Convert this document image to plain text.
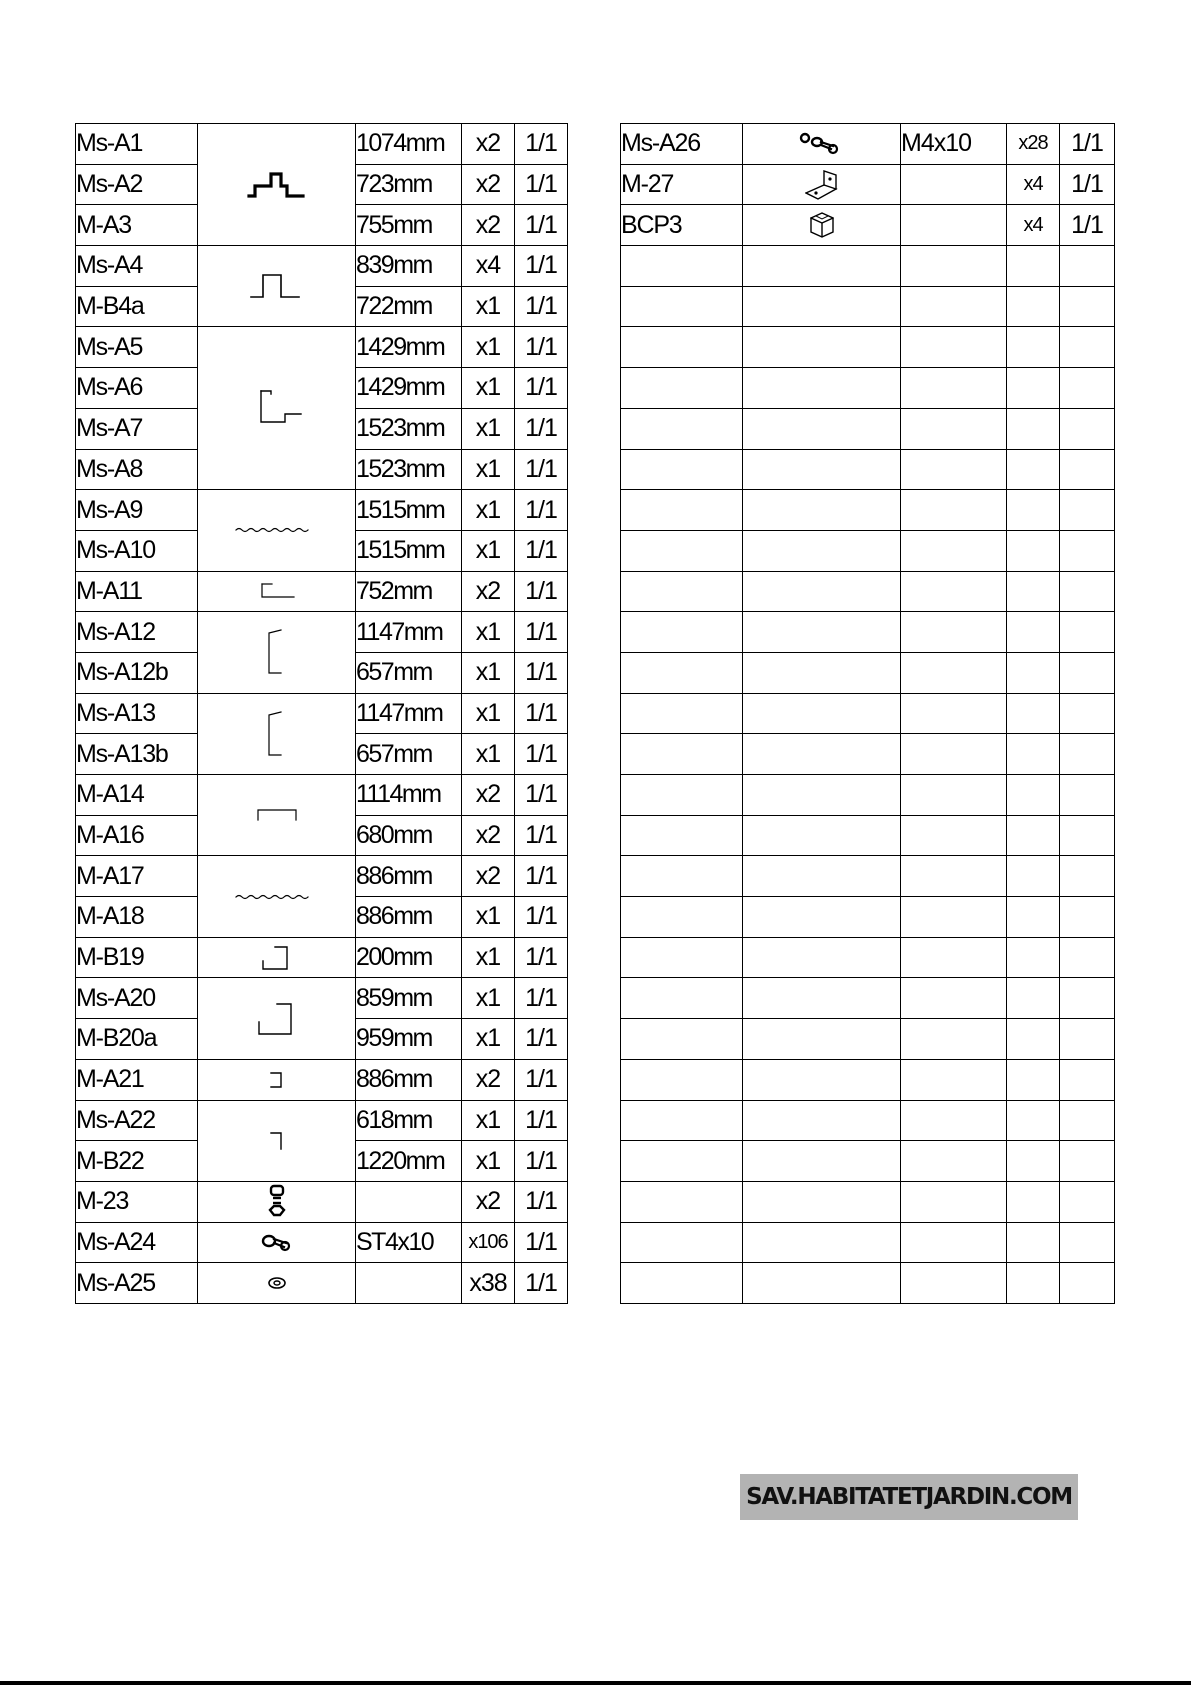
Ms-A1		1074mm	x2	1/1		Ms-A26		M4x10	x28	1/1
Ms-A2		723mm	x2	1/1		M-27			x4	1/1
M-A3		755mm	x2	1/1		BCP3			x4	1/1
Ms-A4		839mm	x4	1/1						
M-B4a		722mm	x1	1/1						
Ms-A5		1429mm	x1	1/1						
Ms-A6		1429mm	x1	1/1						
Ms-A7		1523mm	x1	1/1						
Ms-A8		1523mm	x1	1/1						
Ms-A9		1515mm	x1	1/1						
Ms-A10		1515mm	x1	1/1						
M-A11		752mm	x2	1/1						
Ms-A12		1147mm	x1	1/1						
Ms-A12b		657mm	x1	1/1						
Ms-A13		1147mm	x1	1/1						
Ms-A13b		657mm	x1	1/1						
M-A14		1114mm	x2	1/1						
M-A16		680mm	x2	1/1						
M-A17		886mm	x2	1/1						
M-A18		886mm	x1	1/1						
M-B19		200mm	x1	1/1						
Ms-A20		859mm	x1	1/1						
M-B20a		959mm	x1	1/1						
M-A21		886mm	x2	1/1						
Ms-A22		618mm	x1	1/1						
M-B22		1220mm	x1	1/1						
M-23			x2	1/1						
Ms-A24		ST4x10	x106	1/1						
Ms-A25			x38	1/1						
SAV.HABITATETJARDIN.COM
